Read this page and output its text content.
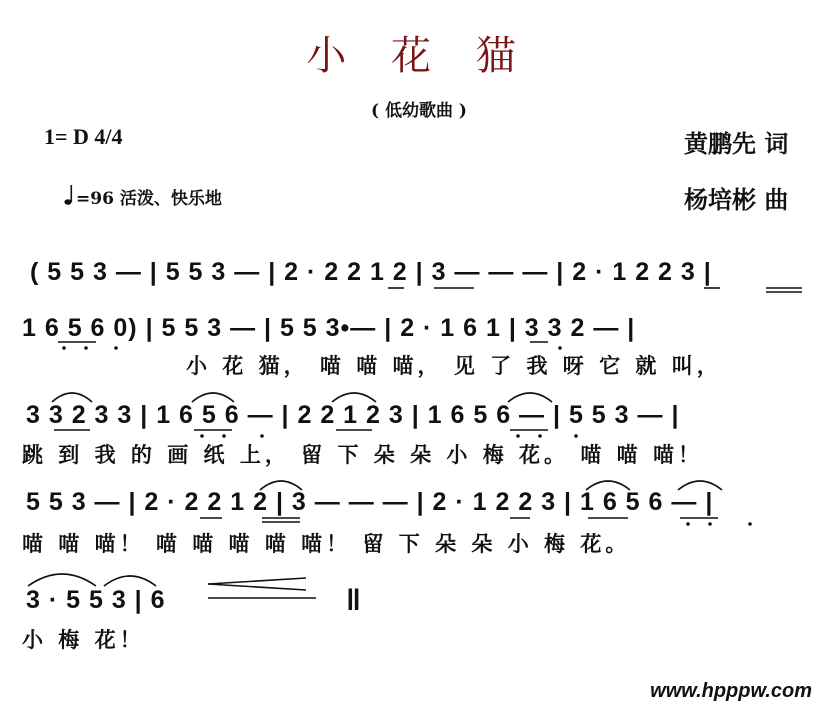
小 花 猫
( 低幼歌曲 )
1= D 4/4
=96 活泼、快乐地
黄鹏先 词
杨培彬 曲
( 5 5 3 — | 5 5 3 — | 2 · 2 2 1 2 | 3 — — — | 2 · 1 2 2 3 |
1 6 5 6 0) | 5 5 3 — | 5 5 3•— | 2 · 1 6 1 | 3 3 2 — |
小 花 猫， 喵 喵 喵， 见 了 我 呀 它 就 叫，
3 3 2 3 3 | 1 6 5 6 — | 2 2 1 2 3 | 1 6 5 6 — | 5 5 3 — |
跳 到 我 的 画 纸 上， 留 下 朵 朵 小 梅 花。 喵 喵 喵！
5 5 3 — | 2 · 2 2 1 2 | 3 — — — | 2 · 1 2 2 3 | 1 6 5 6 — |
喵 喵 喵！ 喵 喵 喵 喵 喵！ 留 下 朵 朵 小 梅 花。
3 · 5 5 3 | 6	‖
小 梅 花！
www.hpppw.com
